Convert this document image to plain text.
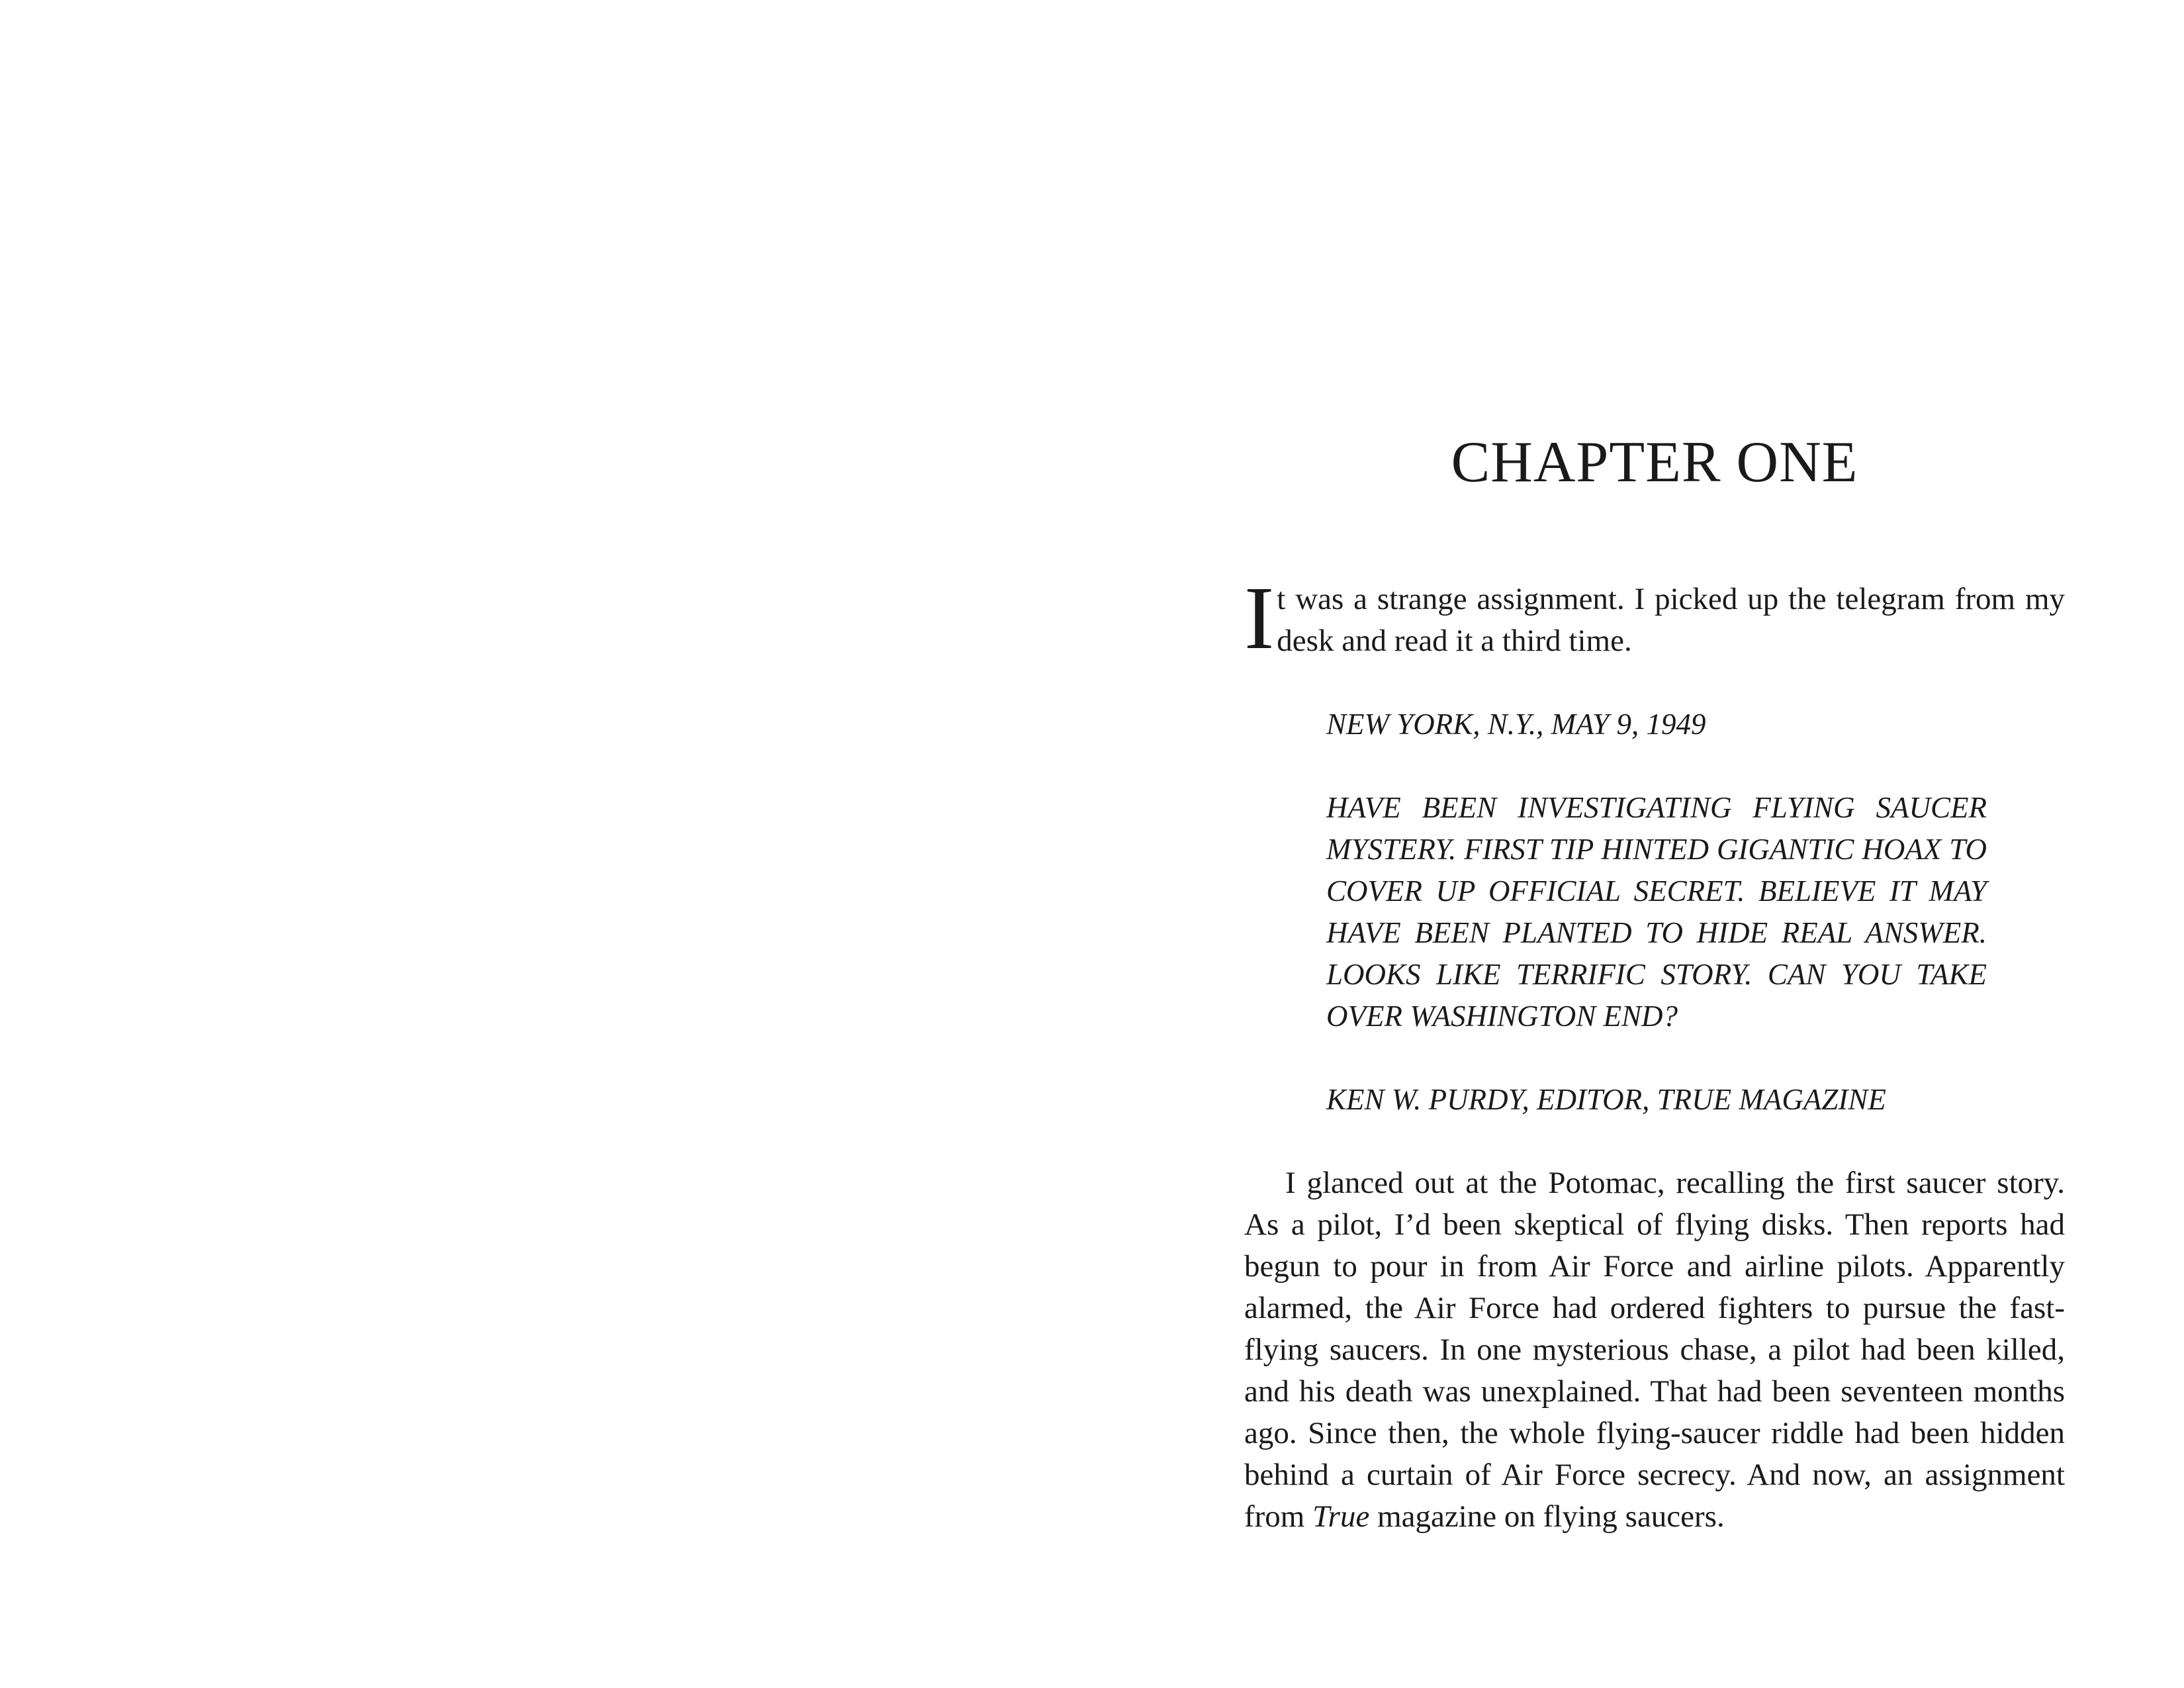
CHAPTER ONE

It was a strange assignment. I picked up the telegram from my desk and read it a third time.

NEW YORK, N.Y., MAY 9, 1949

HAVE BEEN INVESTIGATING FLYING SAUCER MYSTERY. FIRST TIP HINTED GIGANTIC HOAX TO COVER UP OFFICIAL SECRET. BELIEVE IT MAY HAVE BEEN PLANTED TO HIDE REAL ANSWER. LOOKS LIKE TERRIFIC STORY. CAN YOU TAKE OVER WASHINGTON END?

KEN W. PURDY, EDITOR, TRUE MAGAZINE

I glanced out at the Potomac, recalling the first saucer story. As a pilot, I’d been skeptical of flying disks. Then reports had begun to pour in from Air Force and airline pilots. Apparently alarmed, the Air Force had ordered fighters to pursue the fast-flying saucers. In one mysterious chase, a pilot had been killed, and his death was unexplained. That had been seventeen months ago. Since then, the whole flying-saucer riddle had been hidden behind a curtain of Air Force secrecy. And now, an assignment from True magazine on flying saucers.
